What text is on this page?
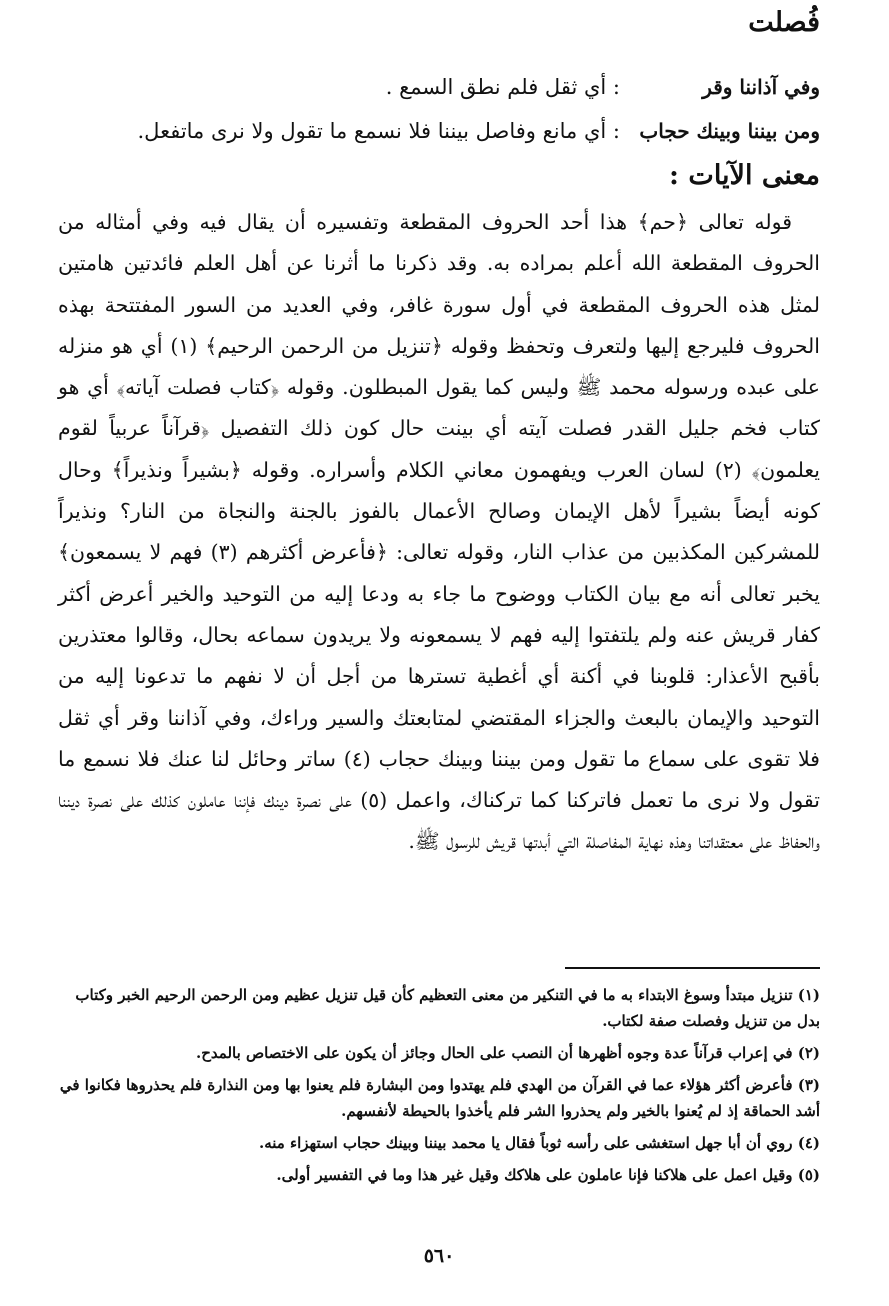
فُصلت
وفي آذاننا وقر: أي ثقل فلم نطق السمع .
ومن بيننا وبينك حجاب: أي مانع وفاصل بيننا فلا نسمع ما تقول ولا نرى ماتفعل.
معنى الآيات :

قوله تعالى ﴿حم﴾ هذا أحد الحروف المقطعة وتفسيره أن يقال فيه وفي أمثاله من الحروف المقطعة الله أعلم بمراده به. وقد ذكرنا ما أثرنا عن أهل العلم فائدتين هامتين لمثل هذه الحروف المقطعة في أول سورة غافر، وفي العديد من السور المفتتحة بهذه الحروف فليرجع إليها ولتعرف وتحفظ وقوله ﴿تنزيل من الرحمن الرحيم﴾ (١) أي هو منزله على عبده ورسوله محمد ﷺ وليس كما يقول المبطلون. وقوله ﴿كتاب فصلت آياته﴾ أي هو كتاب فخم جليل القدر فصلت آيته أي بينت حال كون ذلك التفصيل ﴿قرآناً عربياً لقوم يعلمون﴾ (٢) لسان العرب ويفهمون معاني الكلام وأسراره. وقوله ﴿بشيراً ونذيراً﴾ وحال كونه أيضاً بشيراً لأهل الإيمان وصالح الأعمال بالفوز بالجنة والنجاة من النار؟ ونذيراً للمشركين المكذبين من عذاب النار، وقوله تعالى: ﴿فأعرض أكثرهم (٣) فهم لا يسمعون﴾ يخبر تعالى أنه مع بيان الكتاب ووضوح ما جاء به ودعا إليه من التوحيد والخير أعرض أكثر كفار قريش عنه ولم يلتفتوا إليه فهم لا يسمعونه ولا يريدون سماعه بحال، وقالوا معتذرين بأقبح الأعذار: قلوبنا في أكنة أي أغطية تسترها من أجل أن لا نفهم ما تدعونا إليه من التوحيد والإيمان بالبعث والجزاء المقتضي لمتابعتك والسير وراءك، وفي آذاننا وقر أي ثقل فلا تقوى على سماع ما تقول ومن بيننا وبينك حجاب (٤) ساتر وحائل لنا عنك فلا نسمع ما تقول ولا نرى ما تعمل فاتركنا كما تركناك، واعمل (٥) على نصرة دينك فإننا عاملون كذلك على نصرة ديننا والحفاظ على معتقداتنا وهذه نهاية المفاصلة التي أبدتها قريش للرسول ﷺ.

(١) تنزيل مبتدأ وسوغ الابتداء به ما في التنكير من معنى التعظيم كأن قيل تنزيل عظيم ومن الرحمن الرحيم الخبر وكتاب بدل من تنزيل وفصلت صفة لكتاب.
(٢) في إعراب قرآناً عدة وجوه أظهرها أن النصب على الحال وجائز أن يكون على الاختصاص بالمدح.
(٣) فأعرض أكثر هؤلاء عما في القرآن من الهدي فلم يهتدوا ومن البشارة فلم يعنوا بها ومن النذارة فلم يحذروها فكانوا في أشد الحماقة إذ لم يُعنوا بالخير ولم يحذروا الشر فلم يأخذوا بالحيطة لأنفسهم.
(٤) روي أن أبا جهل استغشى على رأسه ثوباً فقال يا محمد بيننا وبينك حجاب استهزاء منه.
(٥) وقيل اعمل على هلاكنا فإنا عاملون على هلاكك وقيل غير هذا وما في التفسير أولى.
٥٦٠
